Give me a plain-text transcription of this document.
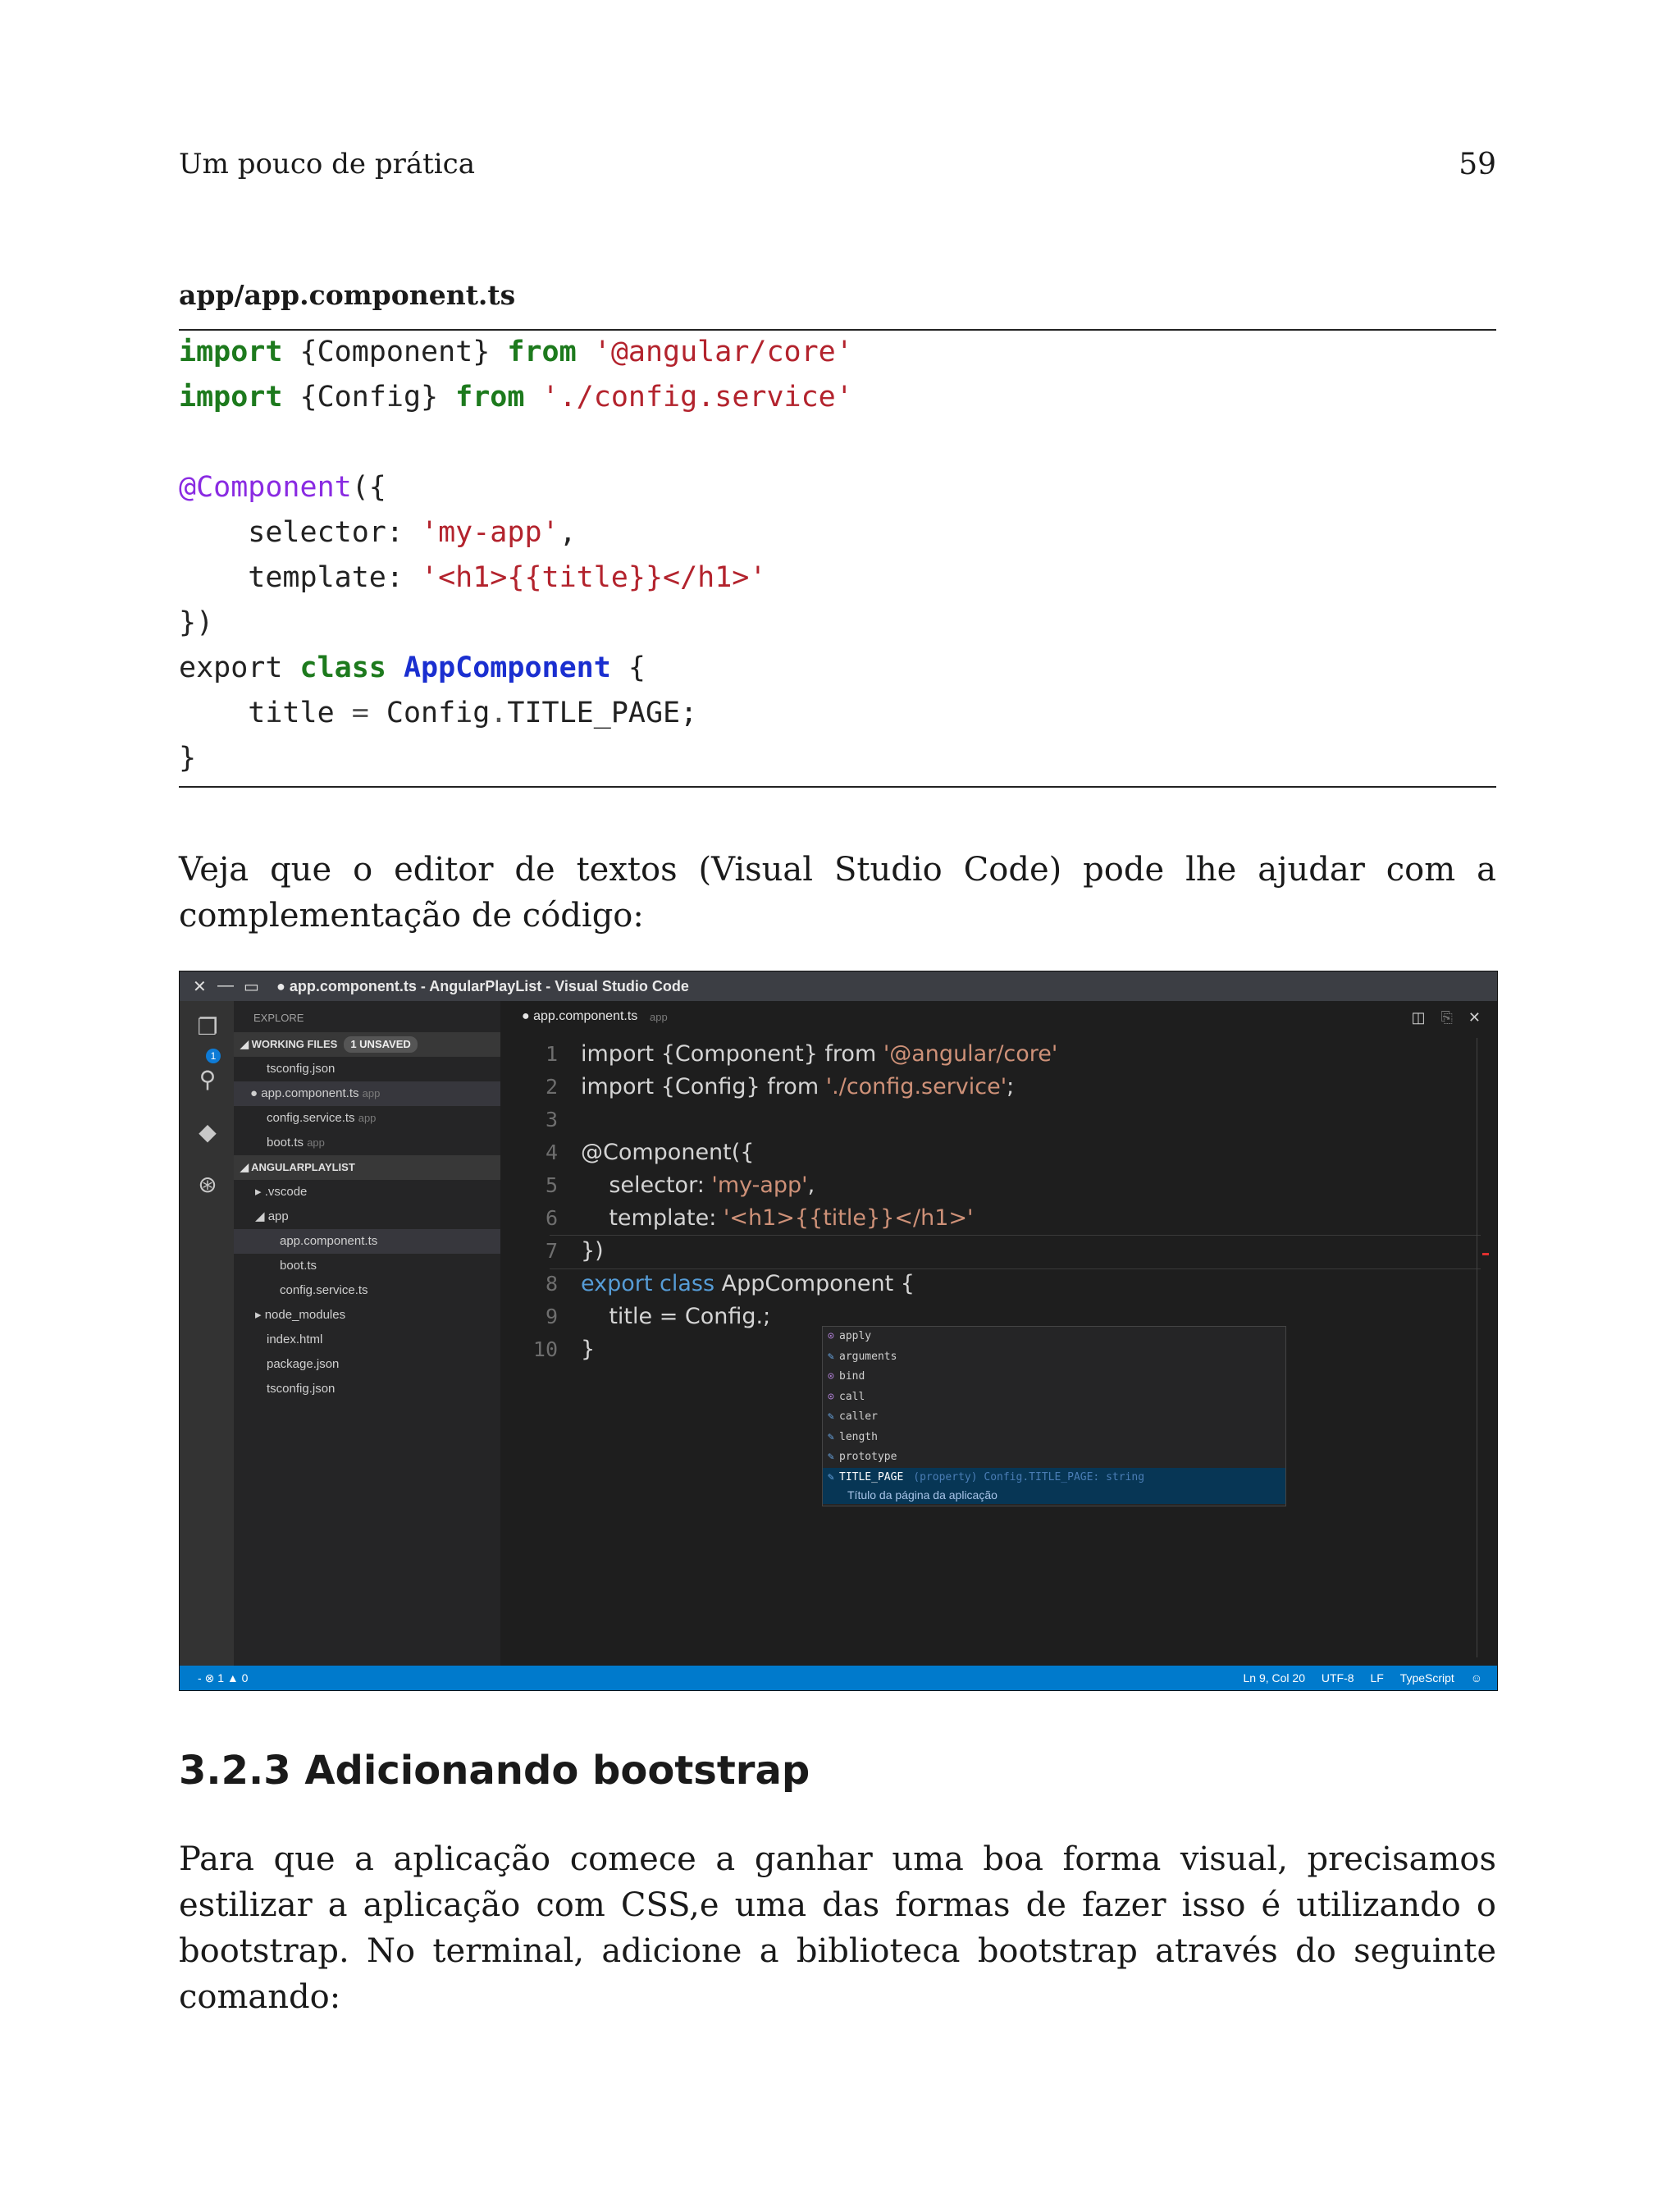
Um pouco de prática	59
app/app.component.ts
import {Component} from '@angular/core'
import {Config} from './config.service'

@Component({
selector: 'my-app',
template: '<h1>{{title}}</h1>'
})
export class AppComponent {
title = Config.TITLE_PAGE;
}
Veja que o editor de textos (Visual Studio Code) pode lhe ajudar com a complementação de código:
✕ — ▭ ● app.component.ts - AngularPlayList - Visual Studio Code
❐
1
⚲
◆
⊛
EXPLORE
◢ WORKING FILES 1 UNSAVED
tsconfig.json
● app.component.ts app
config.service.ts app
boot.ts app
◢ ANGULARPLAYLIST
▸ .vscode
◢ app
app.component.ts
boot.ts
config.service.ts
▸ node_modules
index.html
package.json
tsconfig.json
● app.component.ts app	◫ ⎘ ✕
1
2
3
4
5
6
7
8
9
10
import {Component} from '@angular/core'
import {Config} from './config.service';

@Component({
selector: 'my-app',
template: '<h1>{{title}}</h1>'
})
export class AppComponent {
title = Config.;
}
⊙ apply
✎ arguments
⊙ bind
⊙ call
✎ caller
✎ length
✎ prototype
✎ TITLE_PAGE (property) Config.TITLE_PAGE: string
Título da página da aplicação
- ⊗ 1 ▲ 0	Ln 9, Col 20 UTF-8 LF TypeScript ☺
3.2.3 Adicionando bootstrap
Para que a aplicação comece a ganhar uma boa forma visual, precisamos estilizar a aplicação com CSS,e uma das formas de fazer isso é utilizando o bootstrap. No terminal, adicione a biblioteca bootstrap através do seguinte comando:
